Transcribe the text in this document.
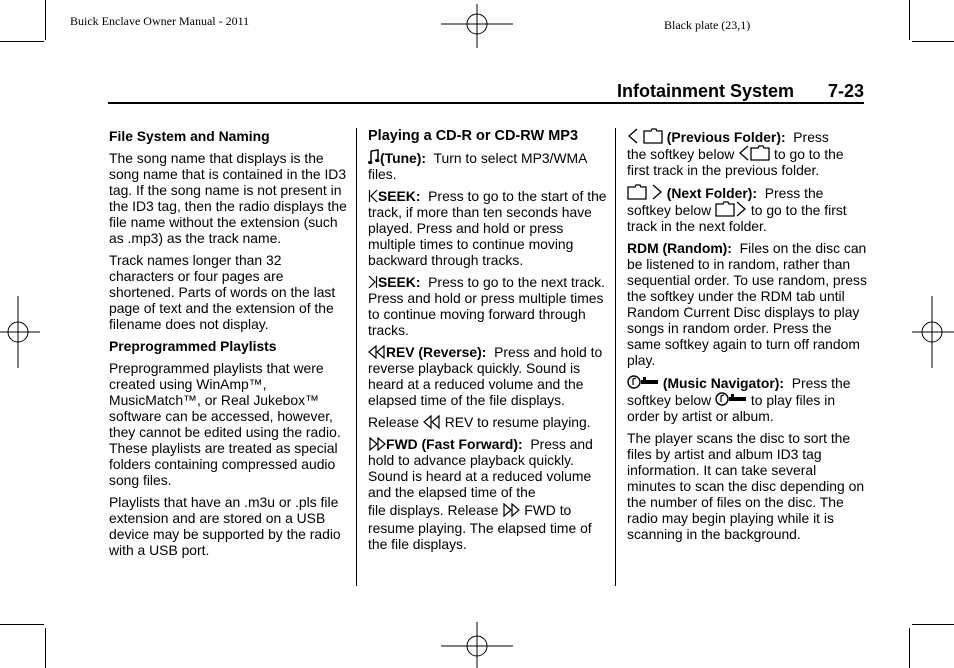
Buick Enclave Owner Manual - 2011	Black plate (23,1)
Infotainment System 7-23
File System and Naming

The song name that displays is the song name that is contained in the ID3 tag. If the song name is not present in the ID3 tag, then the radio displays the file name without the extension (such as .mp3) as the track name.

Track names longer than 32 characters or four pages are shortened. Parts of words on the last page of text and the extension of the filename does not display.

Preprogrammed Playlists

Preprogrammed playlists that were created using WinAmp™, MusicMatch™, or Real Jukebox™ software can be accessed, however, they cannot be edited using the radio. These playlists are treated as special folders containing compressed audio song files.

Playlists that have an .m3u or .pls file extension and are stored on a USB device may be supported by the radio with a USB port.

Playing a CD-R or CD-RW MP3

(Tune): Turn to select MP3/WMA files.

SEEK: Press to go to the start of the track, if more than ten seconds have played. Press and hold or press multiple times to continue moving backward through tracks.

SEEK: Press to go to the next track. Press and hold or press multiple times to continue moving forward through tracks.

REV (Reverse): Press and hold to reverse playback quickly. Sound is heard at a reduced volume and the elapsed time of the file displays.

Release REV to resume playing.

FWD (Fast Forward): Press and hold to advance playback quickly. Sound is heard at a reduced volume and the elapsed time of the

file displays. Release FWD to

resume playing. The elapsed time of the file displays.

(Previous Folder): Press
the softkey below	to go to the
first track in the previous folder.

(Next Folder): Press the
softkey below	to go to the first
track in the next folder.

RDM (Random): Files on the disc can be listened to in random, rather than sequential order. To use random, press the softkey under the RDM tab until Random Current Disc displays to play songs in random order. Press the same softkey again to turn off random play.

(Music Navigator): Press the
softkey below	to play files in
order by artist or album.

The player scans the disc to sort the files by artist and album ID3 tag information. It can take several minutes to scan the disc depending on the number of files on the disc. The radio may begin playing while it is scanning in the background.
